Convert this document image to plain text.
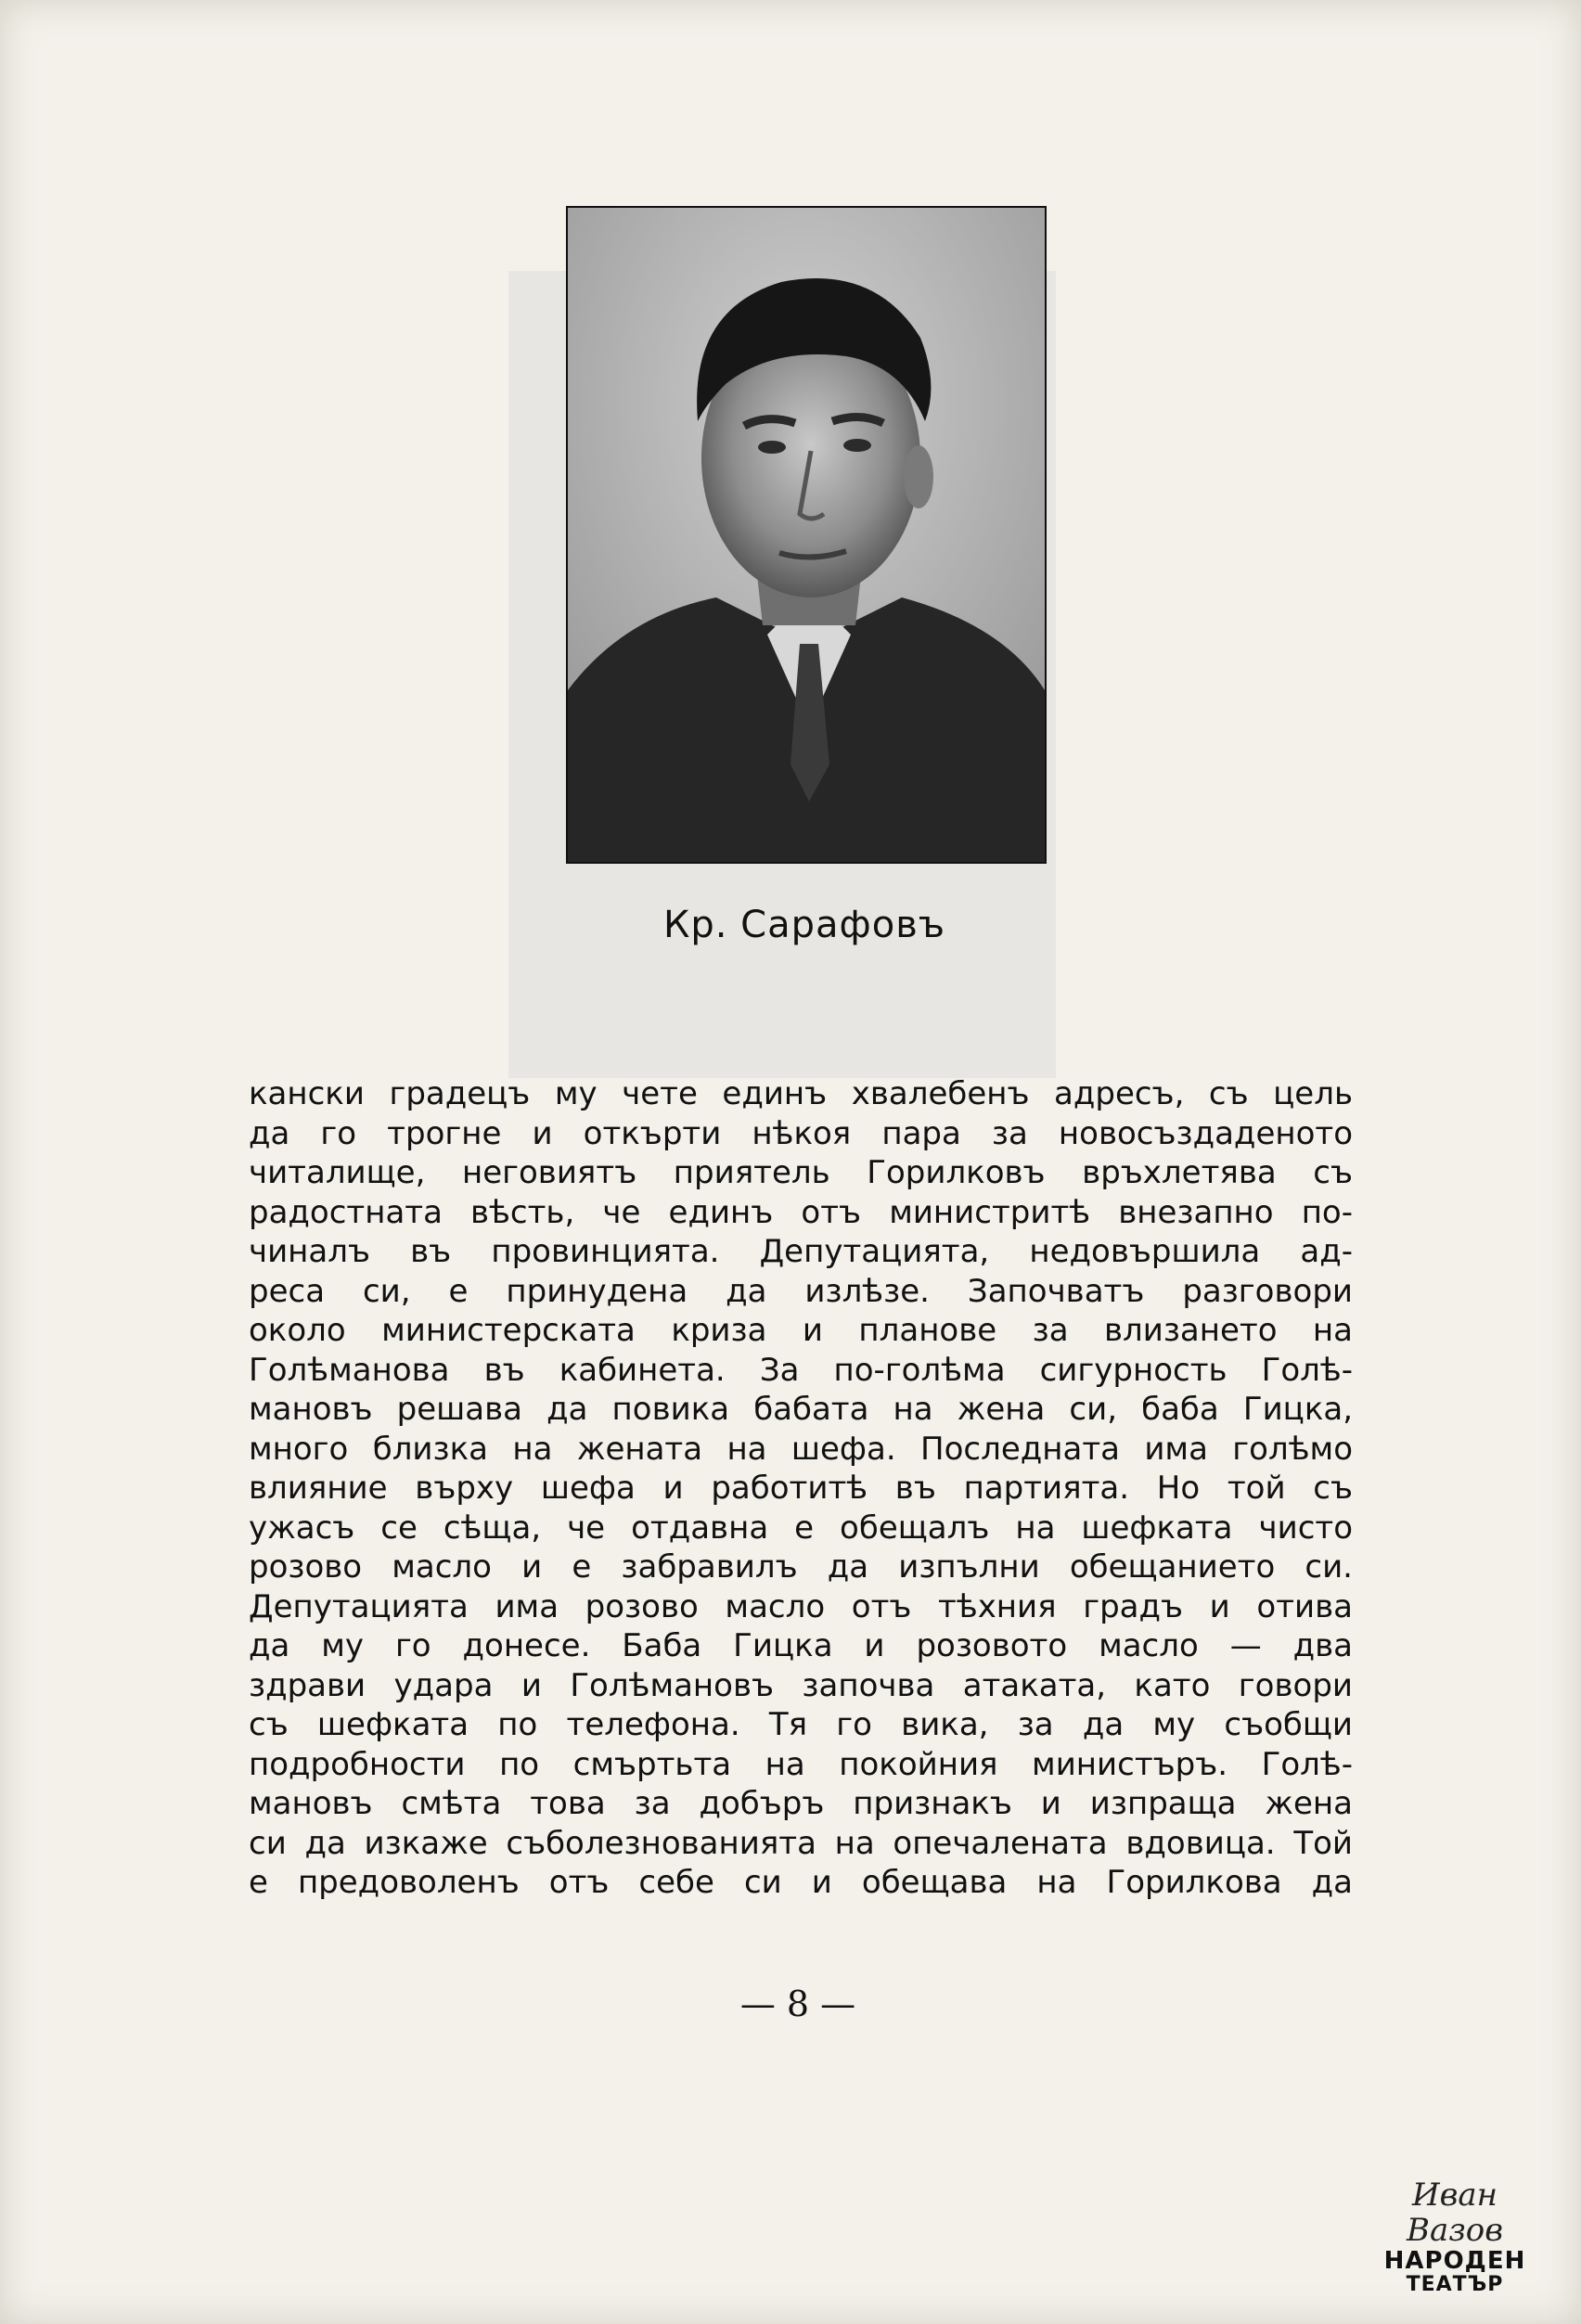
Кр. Сарафовъ
кански градецъ му чете единъ хвалебенъ адресъ, съ цель
да го трогне и откърти нѣкоя пара за новосъздаденото
читалище, неговиятъ приятель Горилковъ връхлетява съ
радостната вѣсть, че единъ отъ министритѣ внезапно по-
чиналъ въ провинцията. Депутацията, недовършила ад-
реса си, е принудена да излѣзе. Започватъ разговори
около министерската криза и планове за влизането на
Голѣманова въ кабинета. За по-голѣма сигурность Голѣ-
мановъ решава да повика бабата на жена си, баба Гицка,
много близка на жената на шефа. Последната има голѣмо
влияние върху шефа и работитѣ въ партията. Но той съ
ужасъ се сѣща, че отдавна е обещалъ на шефката чисто
розово масло и е забравилъ да изпълни обещанието си.
Депутацията има розово масло отъ тѣхния градъ и отива
да му го донесе. Баба Гицка и розовото масло — два
здрави удара и Голѣмановъ започва атаката, като говори
съ шефката по телефона. Тя го вика, за да му съобщи
подробности по смъртьта на покойния министъръ. Голѣ-
мановъ смѣта това за добъръ признакъ и изпраща жена
си да изкаже съболезнованията на опечалената вдовица. Той
е предоволенъ отъ себе си и обещава на Горилкова да
— 8 —
Иван Вазов
НАРОДЕН
ТЕАТЪР
